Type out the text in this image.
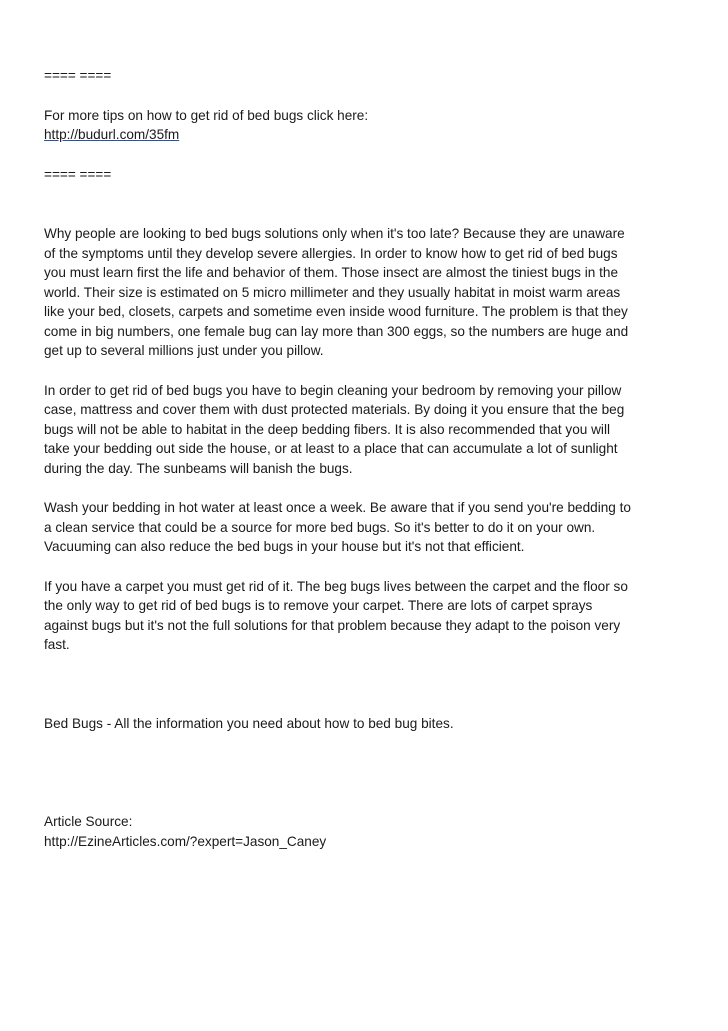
==== ====

For more tips on how to get rid of bed bugs click here:

http://budurl.com/35fm

==== ====

Why people are looking to bed bugs solutions only when it's too late? Because they are unaware

of the symptoms until they develop severe allergies. In order to know how to get rid of bed bugs

you must learn first the life and behavior of them. Those insect are almost the tiniest bugs in the

world. Their size is estimated on 5 micro millimeter and they usually habitat in moist warm areas

like your bed, closets, carpets and sometime even inside wood furniture. The problem is that they

come in big numbers, one female bug can lay more than 300 eggs, so the numbers are huge and

get up to several millions just under you pillow.

In order to get rid of bed bugs you have to begin cleaning your bedroom by removing your pillow

case, mattress and cover them with dust protected materials. By doing it you ensure that the beg

bugs will not be able to habitat in the deep bedding fibers. It is also recommended that you will

take your bedding out side the house, or at least to a place that can accumulate a lot of sunlight

during the day. The sunbeams will banish the bugs.

Wash your bedding in hot water at least once a week. Be aware that if you send you're bedding to

a clean service that could be a source for more bed bugs. So it's better to do it on your own.

Vacuuming can also reduce the bed bugs in your house but it's not that efficient.

If you have a carpet you must get rid of it. The beg bugs lives between the carpet and the floor so

the only way to get rid of bed bugs is to remove your carpet. There are lots of carpet sprays

against bugs but it's not the full solutions for that problem because they adapt to the poison very

fast.

Bed Bugs - All the information you need about how to bed bug bites.

Article Source:

http://EzineArticles.com/?expert=Jason_Caney
